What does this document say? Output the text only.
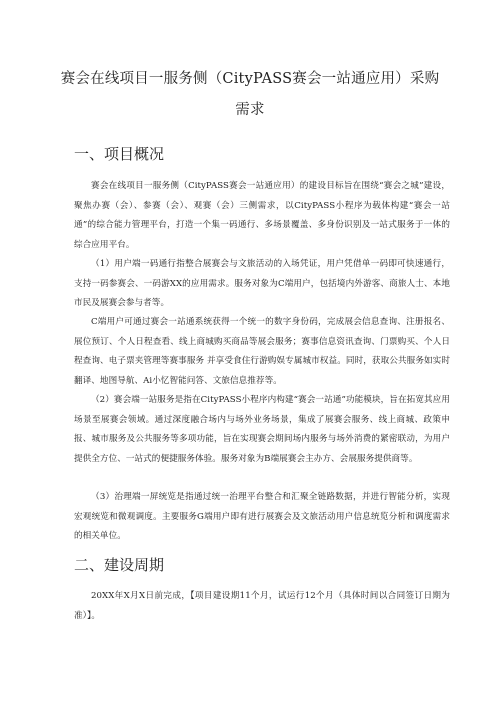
赛会在线项目一服务侧（CityPASS赛会一站通应用）采购需求
一、项目概况

赛会在线项目一服务侧（CityPASS赛会一站通应用）的建设目标旨在围绕“赛会之城”建设，聚焦办赛（会）、参赛（会）、观赛（会）三侧需求，以CityPASS小程序为载体构建“赛会一站通”的综合能力管理平台，打造一个集一码通行、多场景覆盖、多身份识别及一站式服务于一体的综合应用平台。

（1）用户端一码通行指整合展赛会与文旅活动的入场凭证，用户凭借单一码即可快速通行，支持一码参赛会、一码游XX的应用需求。服务对象为C端用户，包括境内外游客、商旅人士、本地市民及展赛会参与者等。

C端用户可通过赛会一站通系统获得一个统一的数字身份码，完成展会信息查询、注册报名、展位预订、个人日程查看、线上商城购买商品等展会服务；赛事信息资讯查询、门票购买、个人日程查询、电子票夹管理等赛事服务 并享受食住行游购娱专属城市权益。同时，获取公共服务如实时翻译、地图导航、Ai小忆智能问答、文旅信息推荐等。

（2）赛会端一站服务是指在CityPASS小程序内构建“赛会一站通”功能模块，旨在拓宽其应用场景至展赛会领域。通过深度融合场内与场外业务场景，集成了展赛会服务、线上商城、政策申报、城市服务及公共服务等多项功能，旨在实现赛会期间场内服务与场外消费的紧密联动，为用户提供全方位、一站式的便捷服务体验。服务对象为B端展赛会主办方、会展服务提供商等。

（3）治理端一屏统览是指通过统一治理平台整合和汇聚全链路数据，并进行智能分析，实现宏观统览和微观调度。主要服务G端用户即有进行展赛会及文旅活动用户信息统览分析和调度需求的相关单位。

二、建设周期

20XX年X月X日前完成，【项目建设期11个月，试运行12个月（具体时间以合同签订日期为准）】。
